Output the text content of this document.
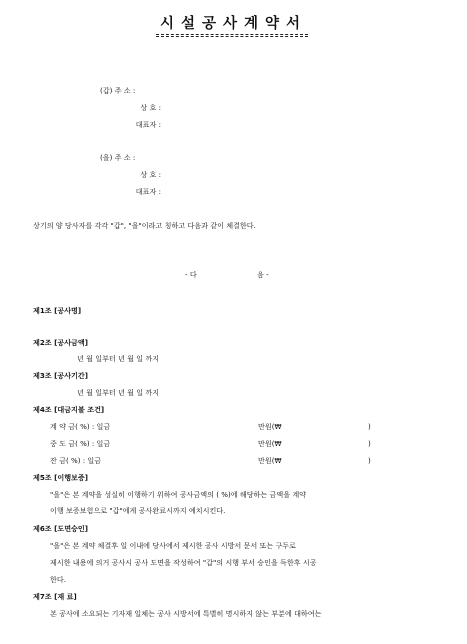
시설공사계약서
(갑) 주 소 :
상 호 :
대표자 :
(을) 주 소 :
상 호 :
대표자 :
상기의 양 당사자를 각각 "갑", "을"이라고 칭하고 다음과 같이 체결한다.
- 다	음 -
제1조 [공사명]
제2조 [공사금액]
년 월 일부터 년 월 일 까지
제3조 [공사기간]
년 월 일부터 년 월 일 까지
제4조 [대금지불 조건]
계 약 금( %) : 일금	만원(₩	)
중 도 금( %) : 일금	만원(₩	)
잔 금( %) : 일금	만원(₩	)
제5조 [이행보증]
"을"은 본 계약을 성실히 이행하기 위하여 공사금액의 ( %)에 해당하는 금액을 계약
이행 보증보험으로 "갑"에게 공사완료시까지 예치시킨다.
제6조 [도면승인]
"을"은 본 계약 체결후 일 이내에 당사에서 제시한 공사 시방서 문서 또는 구두로
제시한 내용에 의거 공사시 공사 도면을 작성하여 "갑"의 시행 부서 승인을 득한후 시공
한다.
제7조 [재 료]
본 공사에 소요되는 기자재 일체는 공사 시방서에 특별히 명시하지 않는 부분에 대하여는
